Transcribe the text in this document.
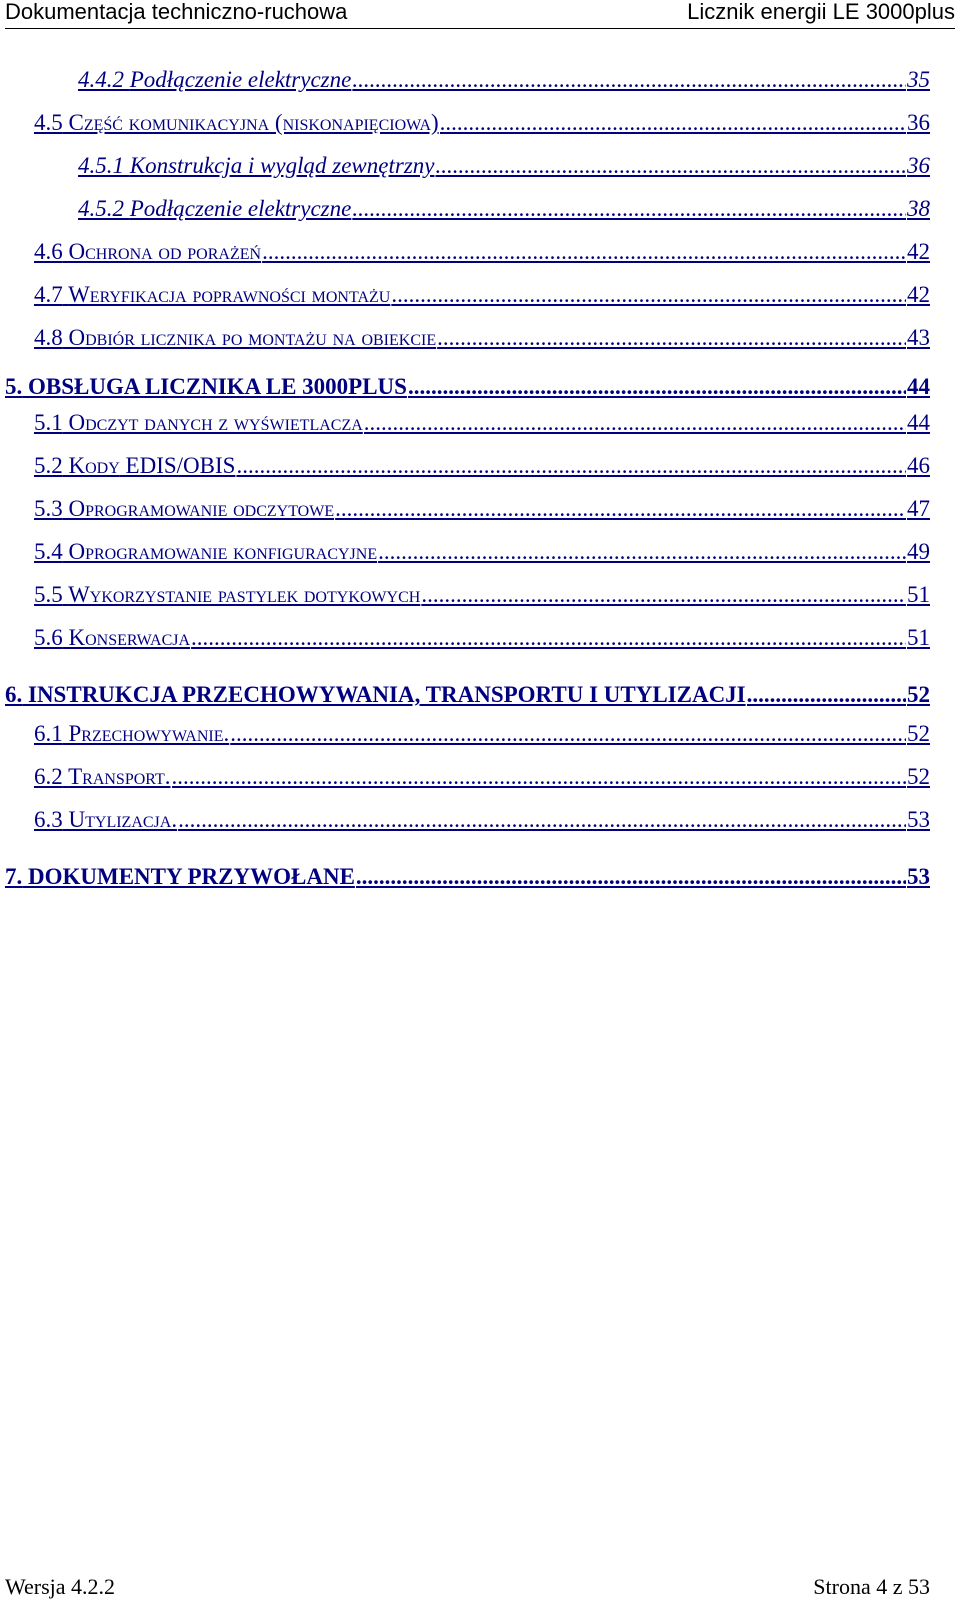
Dokumentacja techniczno-ruchowa	Licznik energii LE 3000plus
4.4.2 Podłączenie elektryczne .....	35
4.5 Część komunikacyjna (niskonapięciowa) .....	36
4.5.1 Konstrukcja i wygląd zewnętrzny .....	36
4.5.2 Podłączenie elektryczne .....	38
4.6 Ochrona od porażeń .....	42
4.7 Weryfikacja poprawności montażu .....	42
4.8 Odbiór licznika po montażu na obiekcie .....	43
5. OBSŁUGA LICZNIKA LE 3000PLUS .....	44
5.1 Odczyt danych z wyświetlacza .....	44
5.2 Kody EDIS/OBIS .....	46
5.3 Oprogramowanie odczytowe .....	47
5.4 Oprogramowanie konfiguracyjne .....	49
5.5 Wykorzystanie pastylek dotykowych .....	51
5.6 Konserwacja .....	51
6. INSTRUKCJA PRZECHOWYWANIA, TRANSPORTU I UTYLIZACJI .....	52
6.1 Przechowywanie. .....	52
6.2 Transport. .....	52
6.3 Utylizacja. .....	53
7. DOKUMENTY PRZYWOŁANE .....	53
Wersja 4.2.2	Strona 4 z 53
